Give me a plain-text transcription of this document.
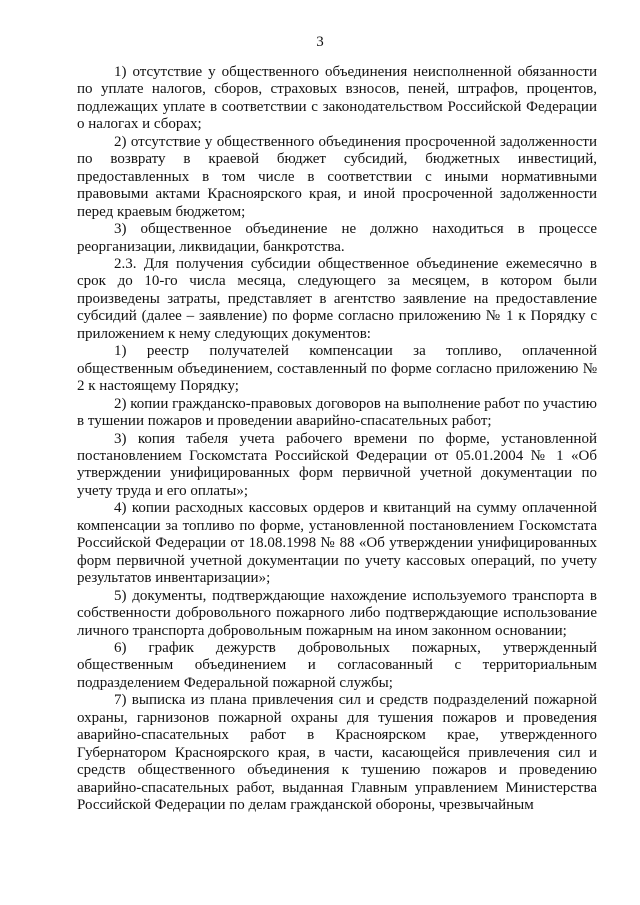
3

1) отсутствие у общественного объединения неисполненной обязанности по уплате налогов, сборов, страховых взносов, пеней, штрафов, процентов, подлежащих уплате в соответствии с законодательством Российской Федерации о налогах и сборах;

2) отсутствие у общественного объединения просроченной задолженности по возврату в краевой бюджет субсидий, бюджетных инвестиций, предоставленных в том числе в соответствии с иными нормативными правовыми актами Красноярского края, и иной просроченной задолженности перед краевым бюджетом;

3) общественное объединение не должно находиться в процессе реорганизации, ликвидации, банкротства.

2.3. Для получения субсидии общественное объединение ежемесячно в срок до 10-го числа месяца, следующего за месяцем, в котором были произведены затраты, представляет в агентство заявление на предоставление субсидий (далее – заявление) по форме согласно приложению № 1 к Порядку с приложением к нему следующих документов:

1) реестр получателей компенсации за топливо, оплаченной общественным объединением, составленный по форме согласно приложению № 2 к настоящему Порядку;

2) копии гражданско-правовых договоров на выполнение работ по участию в тушении пожаров и проведении аварийно-спасательных работ;

3) копия табеля учета рабочего времени по форме, установленной постановлением Госкомстата Российской Федерации от 05.01.2004 № 1 «Об утверждении унифицированных форм первичной учетной документации по учету труда и его оплаты»;

4) копии расходных кассовых ордеров и квитанций на сумму оплаченной компенсации за топливо по форме, установленной постановлением Госкомстата Российской Федерации от 18.08.1998 № 88 «Об утверждении унифицированных форм первичной учетной документации по учету кассовых операций, по учету результатов инвентаризации»;

5) документы, подтверждающие нахождение используемого транспорта в собственности добровольного пожарного либо подтверждающие использование личного транспорта добровольным пожарным на ином законном основании;

6) график дежурств добровольных пожарных, утвержденный общественным объединением и согласованный с территориальным подразделением Федеральной пожарной службы;

7) выписка из плана привлечения сил и средств подразделений пожарной охраны, гарнизонов пожарной охраны для тушения пожаров и проведения аварийно-спасательных работ в Красноярском крае, утвержденного Губернатором Красноярского края, в части, касающейся привлечения сил и средств общественного объединения к тушению пожаров и проведению аварийно-спасательных работ, выданная Главным управлением Министерства Российской Федерации по делам гражданской обороны, чрезвычайным
